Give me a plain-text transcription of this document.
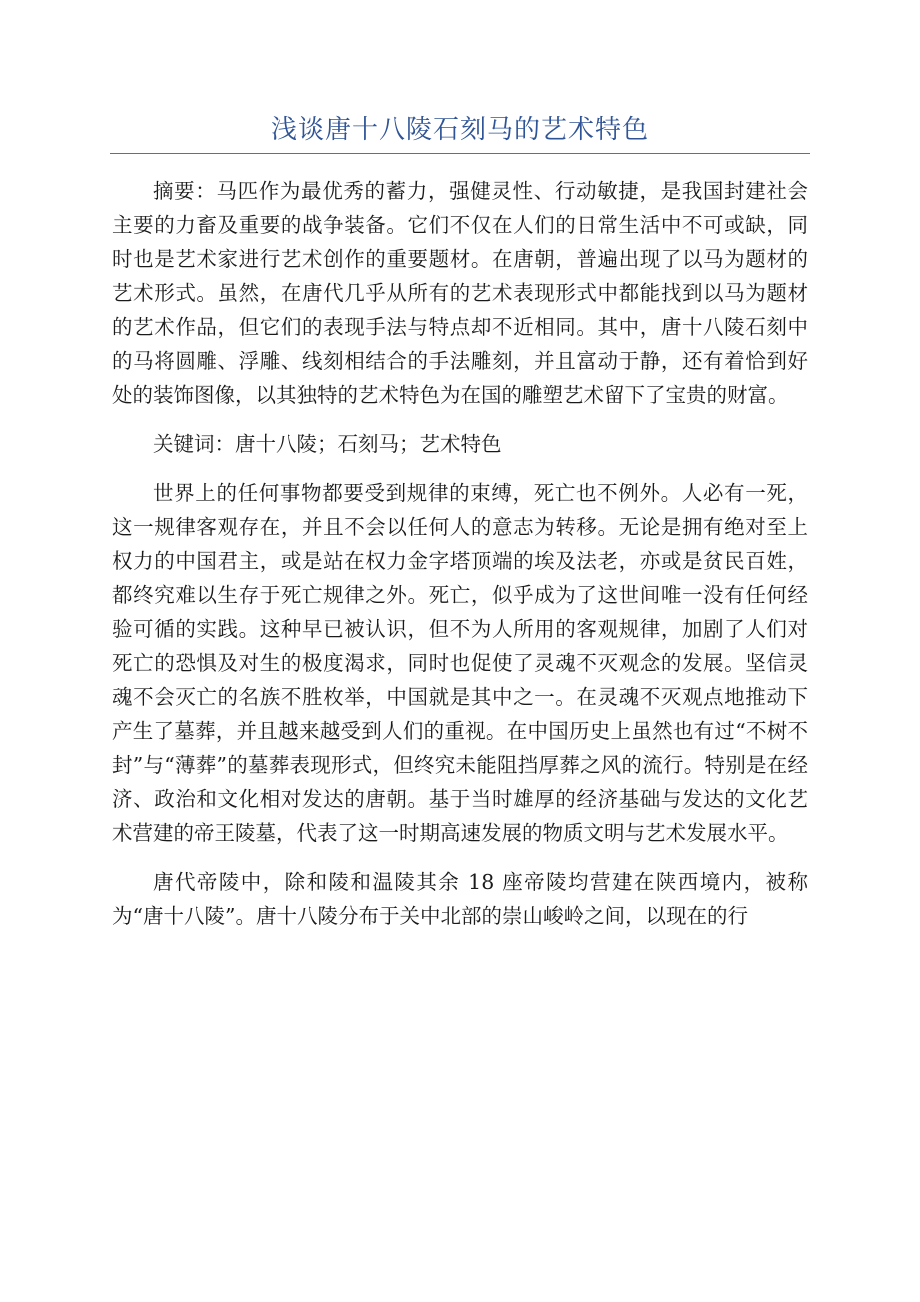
浅谈唐十八陵石刻马的艺术特色

摘要：马匹作为最优秀的蓄力，强健灵性、行动敏捷，是我国封建社会主要的力畜及重要的战争装备。它们不仅在人们的日常生活中不可或缺，同时也是艺术家进行艺术创作的重要题材。在唐朝，普遍出现了以马为题材的艺术形式。虽然，在唐代几乎从所有的艺术表现形式中都能找到以马为题材的艺术作品，但它们的表现手法与特点却不近相同。其中，唐十八陵石刻中的马将圆雕、浮雕、线刻相结合的手法雕刻，并且富动于静，还有着恰到好处的装饰图像，以其独特的艺术特色为在国的雕塑艺术留下了宝贵的财富。

关键词：唐十八陵；石刻马；艺术特色

世界上的任何事物都要受到规律的束缚，死亡也不例外。人必有一死，这一规律客观存在，并且不会以任何人的意志为转移。无论是拥有绝对至上权力的中国君主，或是站在权力金字塔顶端的埃及法老，亦或是贫民百姓，都终究难以生存于死亡规律之外。死亡，似乎成为了这世间唯一没有任何经验可循的实践。这种早已被认识，但不为人所用的客观规律，加剧了人们对死亡的恐惧及对生的极度渴求，同时也促使了灵魂不灭观念的发展。坚信灵魂不会灭亡的名族不胜枚举，中国就是其中之一。在灵魂不灭观点地推动下产生了墓葬，并且越来越受到人们的重视。在中国历史上虽然也有过“不树不封”与“薄葬”的墓葬表现形式，但终究未能阻挡厚葬之风的流行。特别是在经济、政治和文化相对发达的唐朝。基于当时雄厚的经济基础与发达的文化艺术营建的帝王陵墓，代表了这一时期高速发展的物质文明与艺术发展水平。

唐代帝陵中，除和陵和温陵其余 18 座帝陵均营建在陕西境内，被称为“唐十八陵”。唐十八陵分布于关中北部的崇山峻岭之间，以现在的行
